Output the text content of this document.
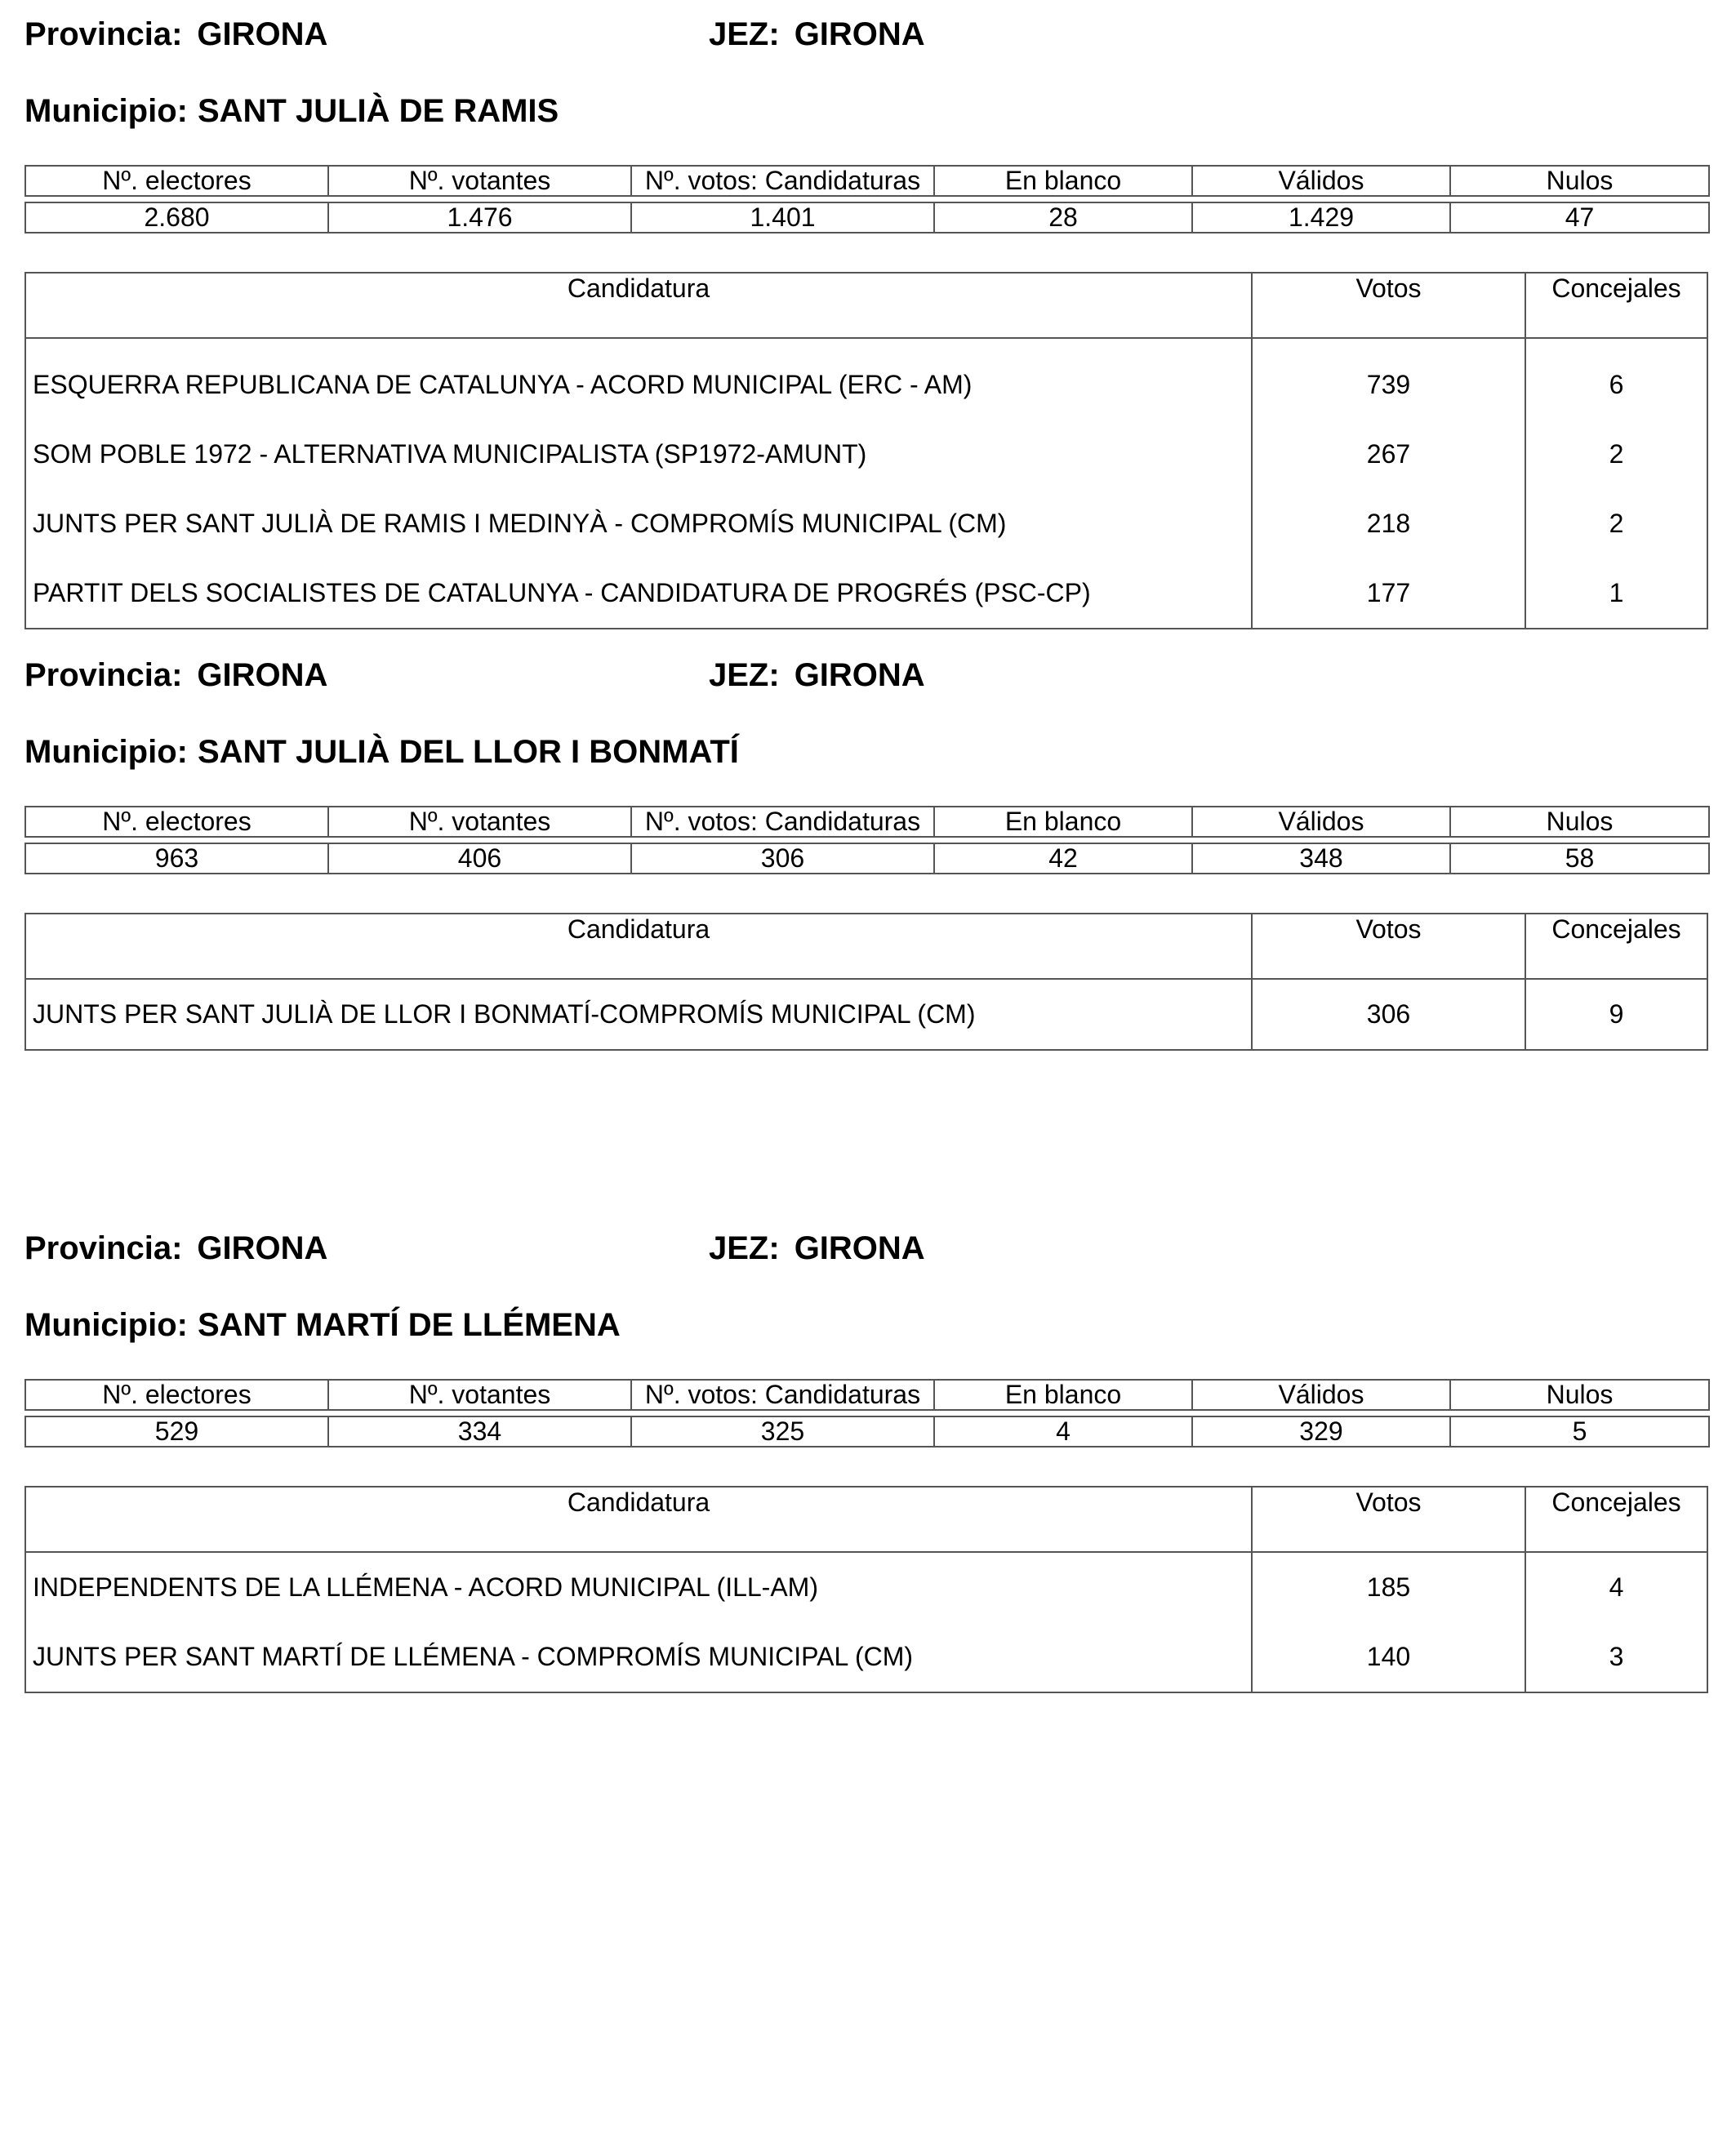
Provincia: GIRONA	JEZ: GIRONA
Municipio: SANT JULIÀ DE RAMIS
Nº. electores	Nº. votantes	Nº. votos: Candidaturas	En blanco	Válidos	Nulos

2.680	1.476	1.401	28	1.429	47
Candidatura	Votos	Concejales
ESQUERRA REPUBLICANA DE CATALUNYA - ACORD MUNICIPAL (ERC - AM)	739	6
SOM POBLE 1972 - ALTERNATIVA MUNICIPALISTA (SP1972-AMUNT)	267	2
JUNTS PER SANT JULIÀ DE RAMIS I MEDINYÀ - COMPROMÍS MUNICIPAL (CM)	218	2
PARTIT DELS SOCIALISTES DE CATALUNYA - CANDIDATURA DE PROGRÉS (PSC-CP)	177	1
Provincia: GIRONA	JEZ: GIRONA
Municipio: SANT JULIÀ DEL LLOR I BONMATÍ
Nº. electores	Nº. votantes	Nº. votos: Candidaturas	En blanco	Válidos	Nulos

963	406	306	42	348	58
Candidatura	Votos	Concejales
JUNTS PER SANT JULIÀ DE LLOR I BONMATÍ-COMPROMÍS MUNICIPAL (CM)	306	9
Provincia: GIRONA	JEZ: GIRONA
Municipio: SANT MARTÍ DE LLÉMENA
Nº. electores	Nº. votantes	Nº. votos: Candidaturas	En blanco	Válidos	Nulos

529	334	325	4	329	5
Candidatura	Votos	Concejales
INDEPENDENTS DE LA LLÉMENA - ACORD MUNICIPAL (ILL-AM)	185	4
JUNTS PER SANT MARTÍ DE LLÉMENA - COMPROMÍS MUNICIPAL (CM)	140	3
